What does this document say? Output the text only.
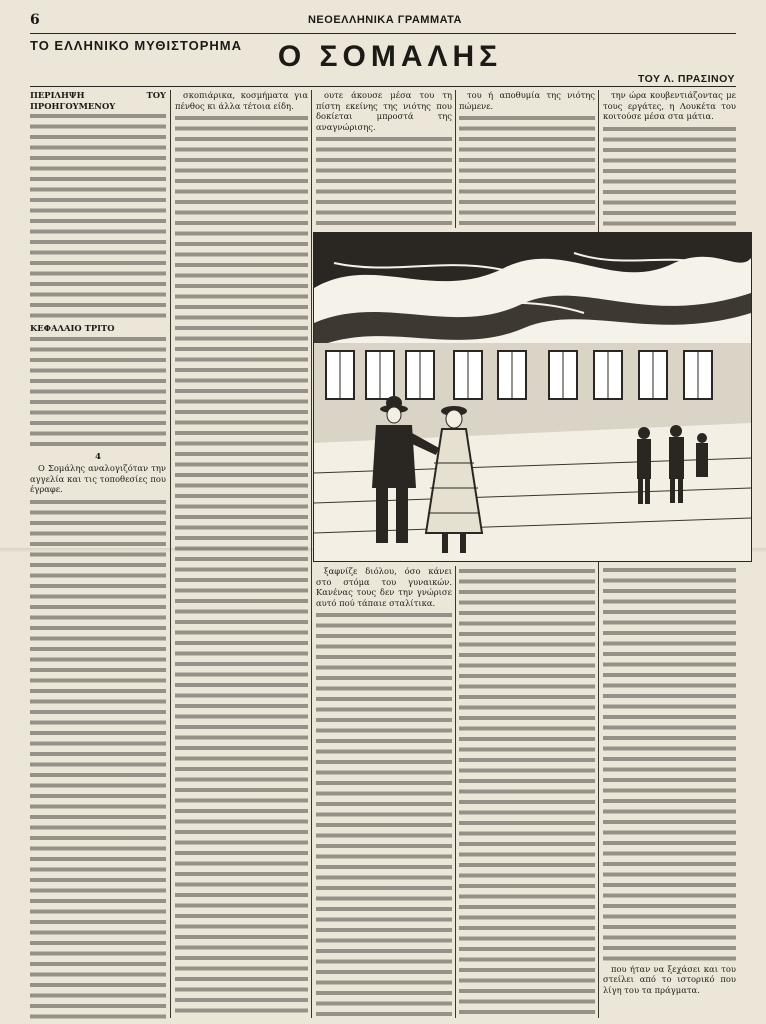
6	ΝΕΟΕΛΛΗΝΙΚΑ ΓΡΑΜΜΑΤΑ
ΤΟ ΕΛΛΗΝΙΚΟ ΜΥΘΙΣΤΟΡΗΜΑ	Ο ΣΟΜΑΛΗΣ
ΤΟΥ Λ. ΠΡΑΣΙΝΟΥ
ΠΕΡΙΛΗΨΗ ΤΟΥ ΠΡΟΗΓΟΥΜΕΝΟΥ
ΚΕΦΑΛΑΙΟ ΤΡΙΤΟ
4

Ο Σομάλης αναλογιζόταν την αγγελία και τις τοποθεσίες που έγραφε.

σκοπιάρικα, κοσμήματα για πένθος κι άλλα τέτοια είδη.

ουτε άκουσε μέσα του τη πίστη εκείνης της νιότης που δοκίεται μπροστά της αναγνώρισης.

του ή αποθυμία της νιότης πώμενε.

την ώρα κουβεντιάζοντας με τους εργάτες, η Λουκέτα του κοιτούσε μέσα στα μάτια.

που ήταν να ξεχάσει και του στείλει από το ιστορικό που λίγη του τα πράγματα.

ξαφνίζε διόλου, όσο κάνει στο στόμα του γυναικών. Κανένας τους δεν την γνώρισε αυτό πού τάπαιε σταλίτικα.
